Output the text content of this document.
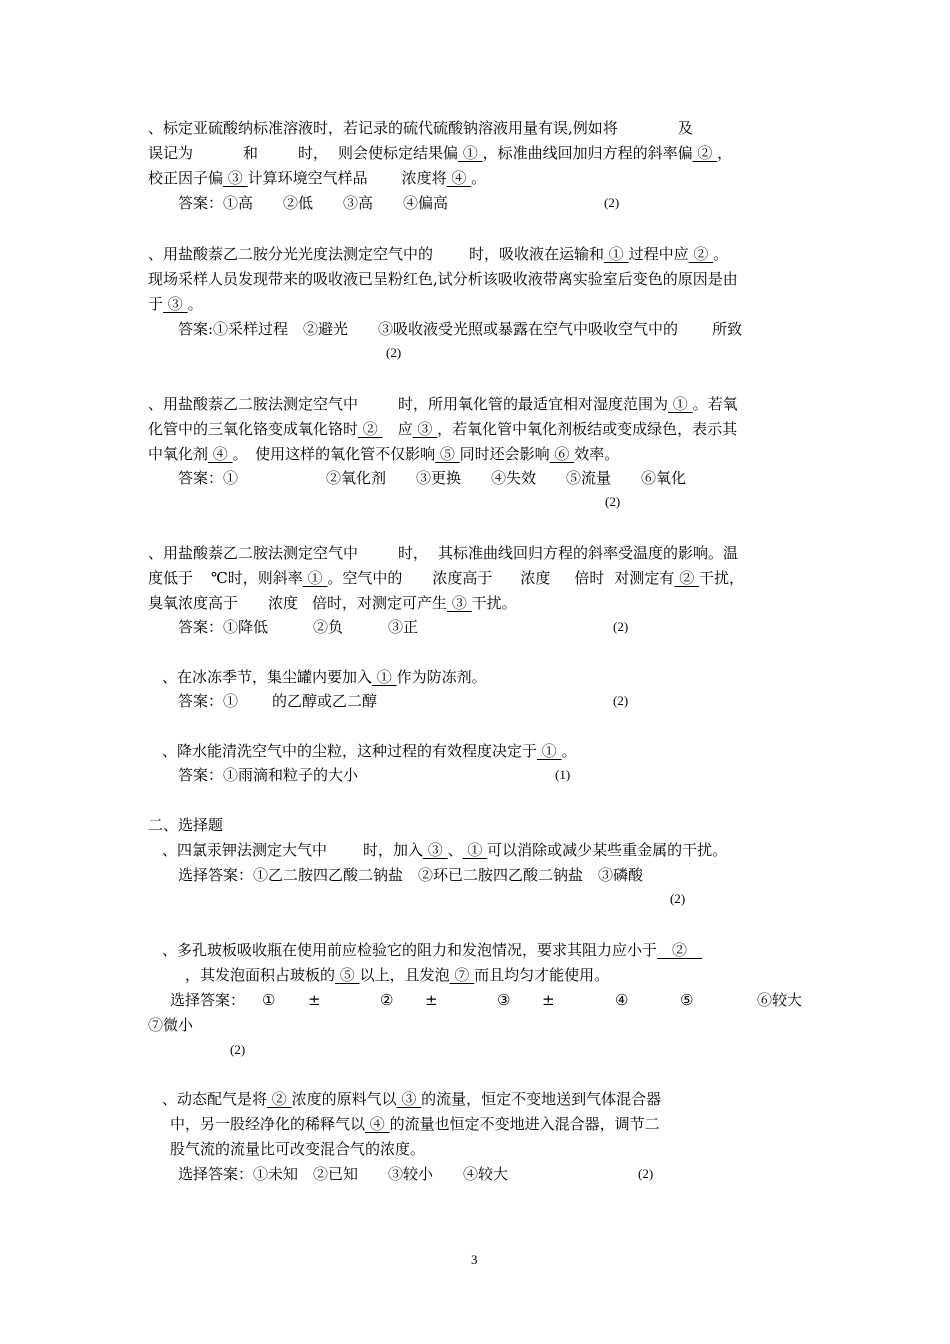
、标定亚硫酸纳标准溶液时，若记录的硫代硫酸钠溶液用量有误,例如将	及
误记为	和	时， 则会使标定结果偏 ① ，标准曲线回加归方程的斜率偏 ② ，
校正因子偏 ③ 计算环境空气样品 浓度将 ④ 。
答案：①高　　②低　　③高　　④偏高	(2)
、用盐酸萘乙二胺分光光度法测定空气中的 时，吸收液在运输和 ① 过程中应 ② 。
现场采样人员发现带来的吸收液已呈粉红色,试分析该吸收液带离实验室后变色的原因是由
于 ③ 。
答案:①采样过程　②避光　　③吸收液受光照或暴露在空气中吸收空气中的 所致
(2)
、用盐酸萘乙二胺法测定空气中	时，所用氧化管的最适宜相对湿度范围为 ① 。若氧
化管中的三氧化铬变成氧化铬时 ② 　应 ③ ，若氧化管中氧化剂板结或变成绿色，表示其
中氧化剂 ④ 。　使用这样的氧化管不仅影响 ⑤ 同时还会影响 ⑥ 效率。
答案：①	②氧化剂　　③更换　　④失效　　⑤流量　　⑥氧化
(2)
、用盐酸萘乙二胺法测定空气中	时， 其标准曲线回归方程的斜率受温度的影响。温
度低于 ℃时，则斜率 ① 。空气中的 浓度高于 浓度 倍时 对测定有 ② 干扰，
臭氧浓度高于 浓度 倍时，对测定可产生 ③ 干扰。
答案：①降低　　　②负　　　③正	(2)
、在冰冻季节，集尘罐内要加入 ① 作为防冻剂。
答案：① 的乙醇或乙二醇	(2)
、降水能清洗空气中的尘粒，这种过程的有效程度决定于 ① 。
答案：①雨滴和粒子的大小	(1)
二、选择题
、四氯汞钾法测定大气中 时，加入 ③ 、 ① 可以消除或减少某些重金属的干扰。
选择答案：①乙二胺四乙酸二钠盐　②环已二胺四乙酸二钠盐　③磷酸
(2)
、多孔玻板吸收瓶在使用前应检验它的阻力和发泡情况，要求其阻力应小于　②　
，其发泡面积占玻板的 ⑤ 以上，且发泡 ⑦ 而且均匀才能使用。
选择答案： ① ±	② ±	③ ±	④	⑤	⑥较大
⑦微小
(2)
、动态配气是将 ② 浓度的原料气以 ③ 的流量，恒定不变地送到气体混合器
中，另一股经净化的稀释气以 ④ 的流量也恒定不变地进入混合器，调节二
股气流的流量比可改变混合气的浓度。
选择答案：①未知　②已知　　③较小　　④较大	(2)
3
